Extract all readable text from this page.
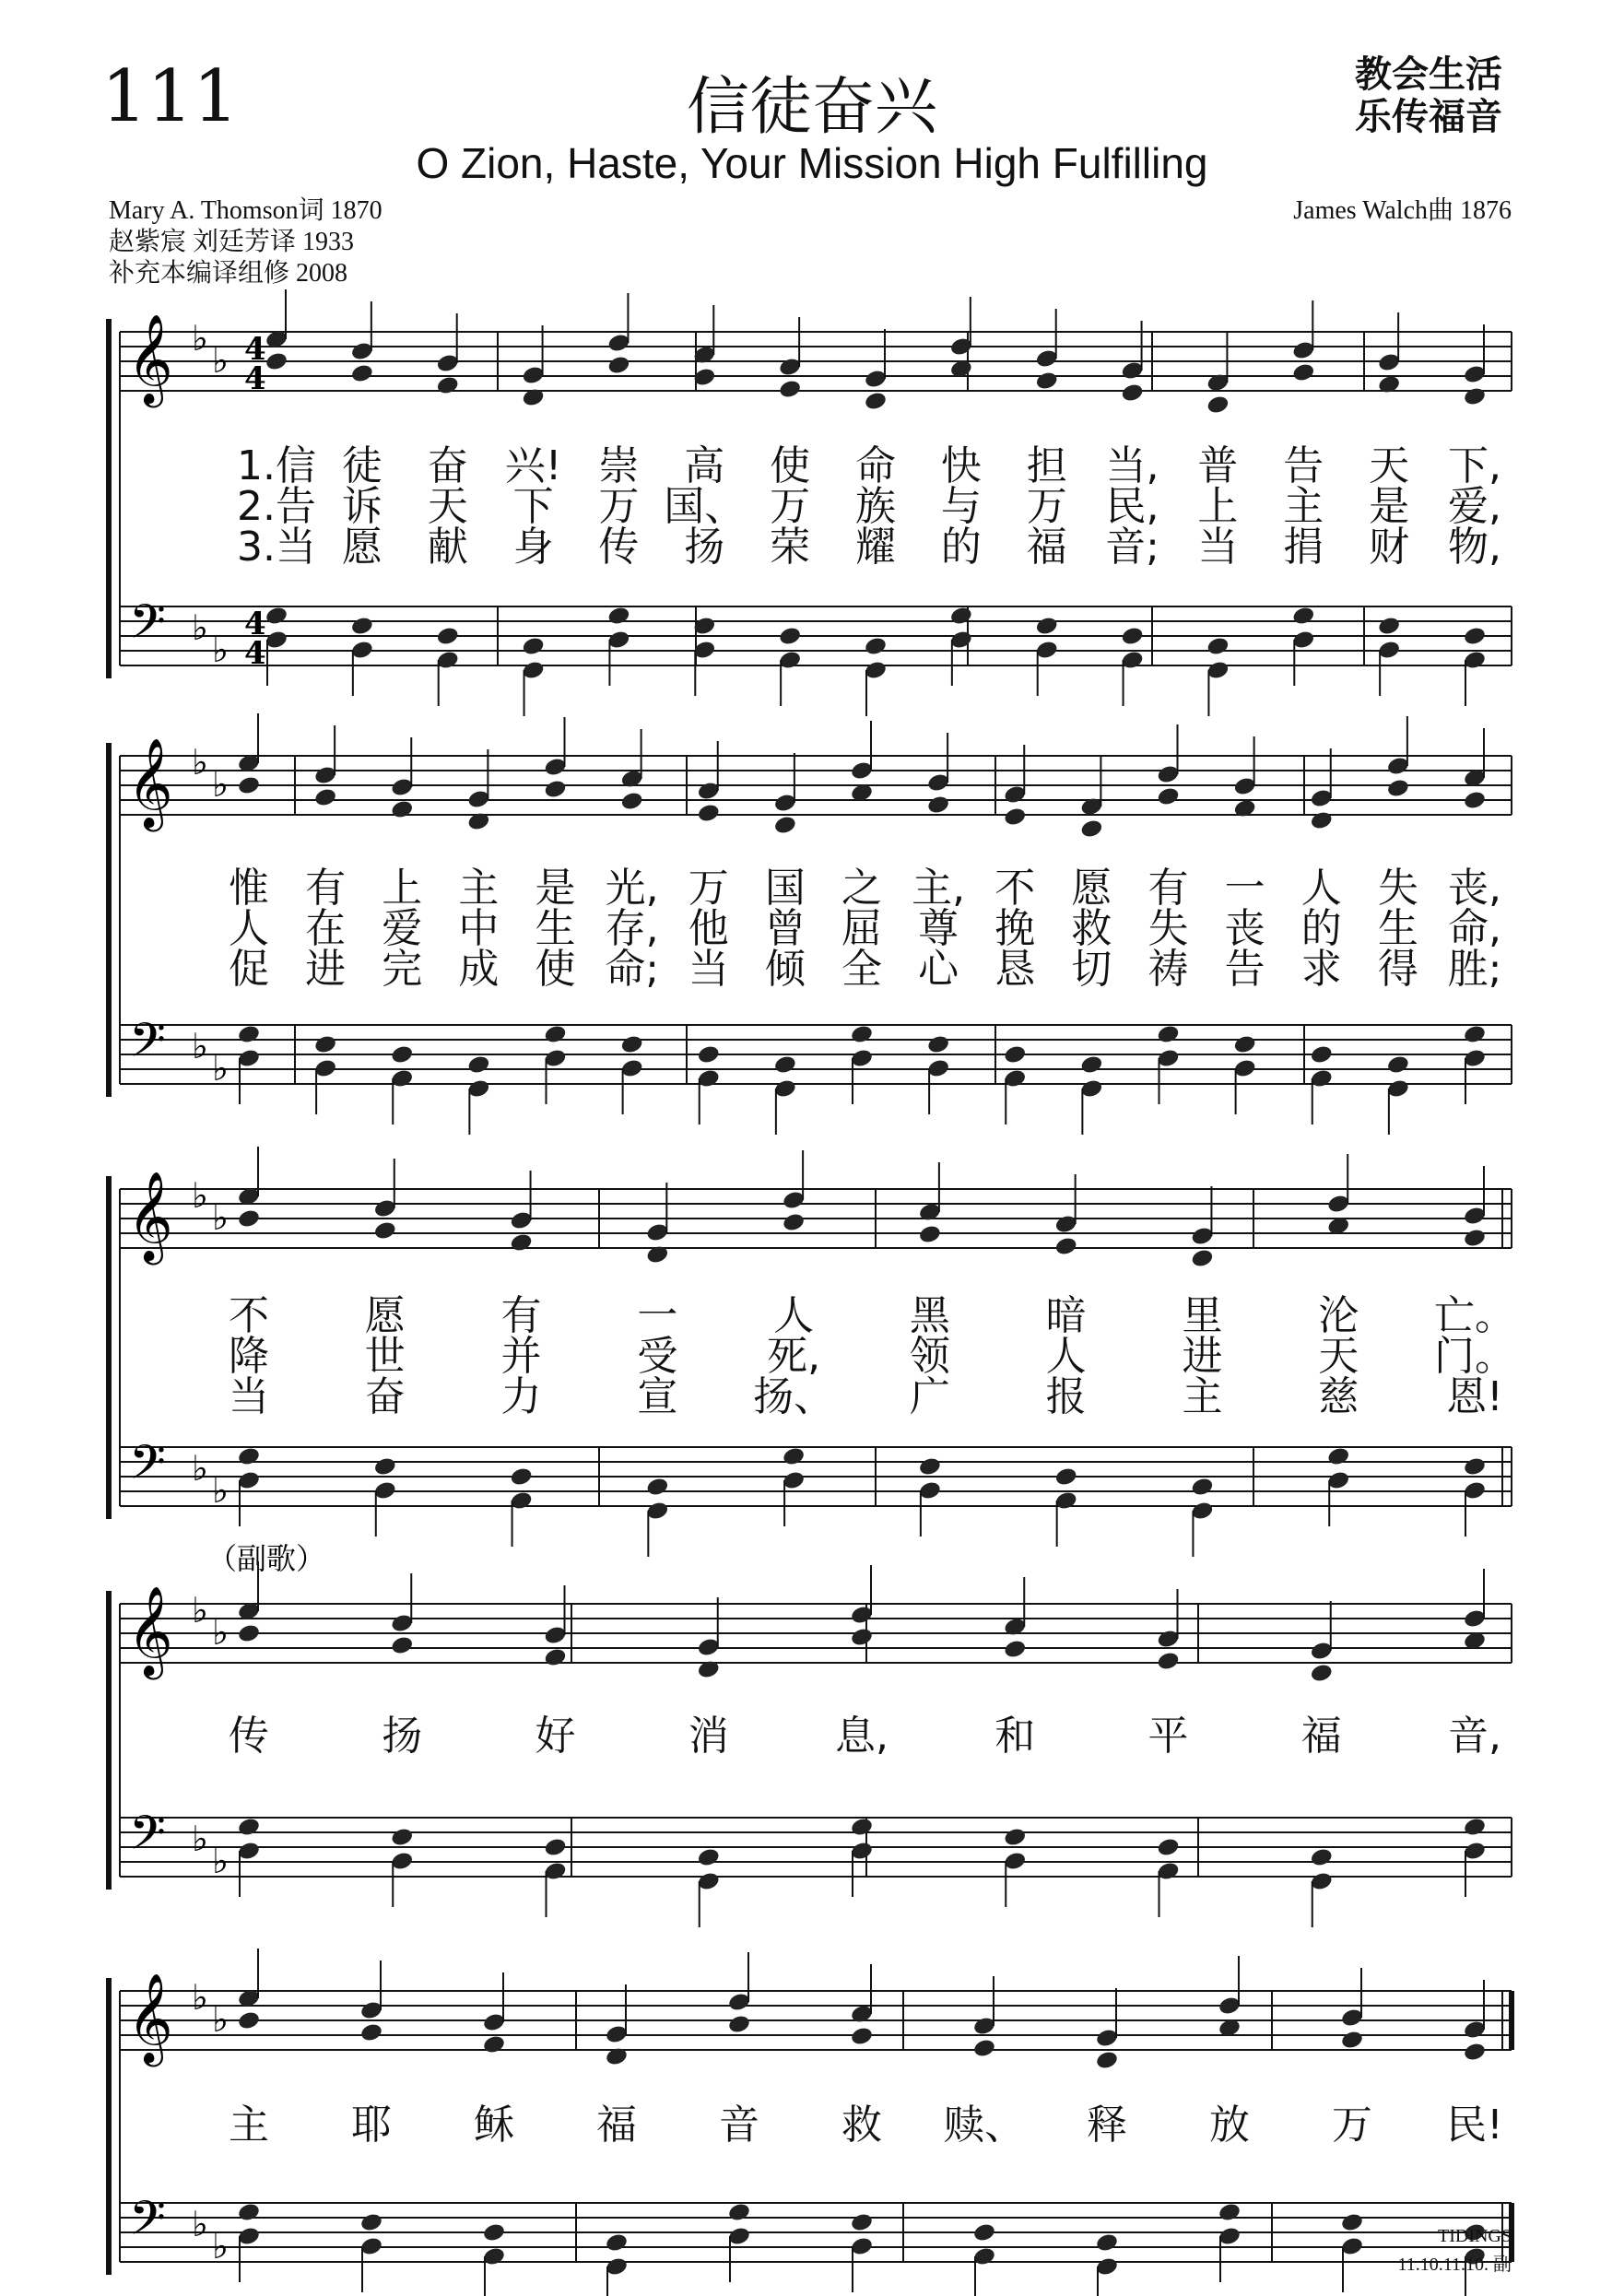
111	信徒奋兴	教会生活
乐传福音
O Zion, Haste, Your Mission High Fulfilling
Mary A. Thomson词 1870
赵紫宸 刘廷芳译 1933
补充本编译组修 2008
James Walch曲 1876
𝄞
𝄢
♭
♭
♭
♭
4
4
4
4
1.信 徒 奋 兴! 崇 高 使 命 快 担 当, 普 告 天 下,
2.告 诉 天 下 万 国、 万 族 与 万 民, 上 主 是 爱,
3.当 愿 献 身 传 扬 荣 耀 的 福 音; 当 捐 财 物,
𝄞
𝄢
♭
♭
♭
♭
惟 有 上 主 是 光, 万 国 之 主, 不 愿 有 一 人 失 丧,
人 在 爱 中 生 存, 他 曾 屈 尊 挽 救 失 丧 的 生 命,
促 进 完 成 使 命; 当 倾 全 心 恳 切 祷 告 求 得 胜;
𝄞
𝄢
♭
♭
♭
♭
不 愿 有 一 人 黑 暗 里 沦 亡。
降 世 并 受 死, 领 人 进 天 门。
当 奋 力 宣 扬、 广 报 主 慈 恩!
𝄞
𝄢
♭
♭
♭
♭
传	扬	好	消	息,	和	平	福	音,
（副歌）
𝄞
𝄢
♭
♭
♭
♭
主 耶 稣 福 音 救 赎、 释 放 万 民!
TIDINGS
11.10.11.10. 副
